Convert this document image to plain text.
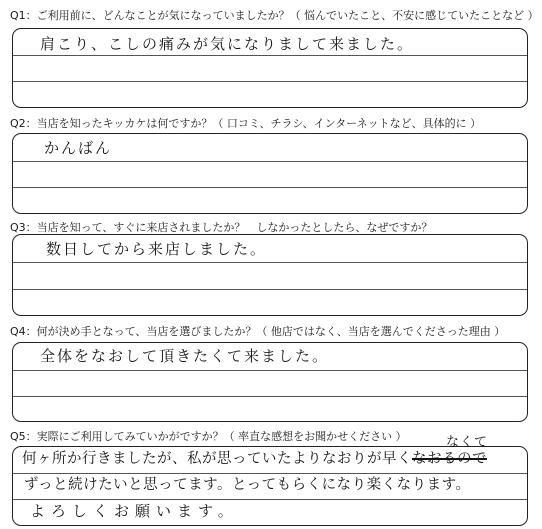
Q1：ご利用前に、どんなことが気になっていましたか？（ 悩んでいたこと、不安に感じていたことなど ）
肩こり、こしの痛みが気になりまして来ました。
Q2：当店を知ったキッカケは何ですか？（ 口コミ、チラシ、インターネットなど、具体的に ）
かんばん
Q3：当店を知って、すぐに来店されましたか？　しなかったとしたら、なぜですか？
数日してから来店しました。
Q4：何が決め手となって、当店を選びましたか？（ 他店ではなく、当店を選んでくださった理由 ）
全体をなおして頂きたくて来ました。
Q5：実際にご利用してみていかがですか？（ 率直な感想をお聞かせください ）	なくて
何ヶ所か行きましたが、私が思っていたよりなおりが早くなおるので
ずっと続けたいと思ってます。とってもらくになり楽くなります。
よろしくお願います。
